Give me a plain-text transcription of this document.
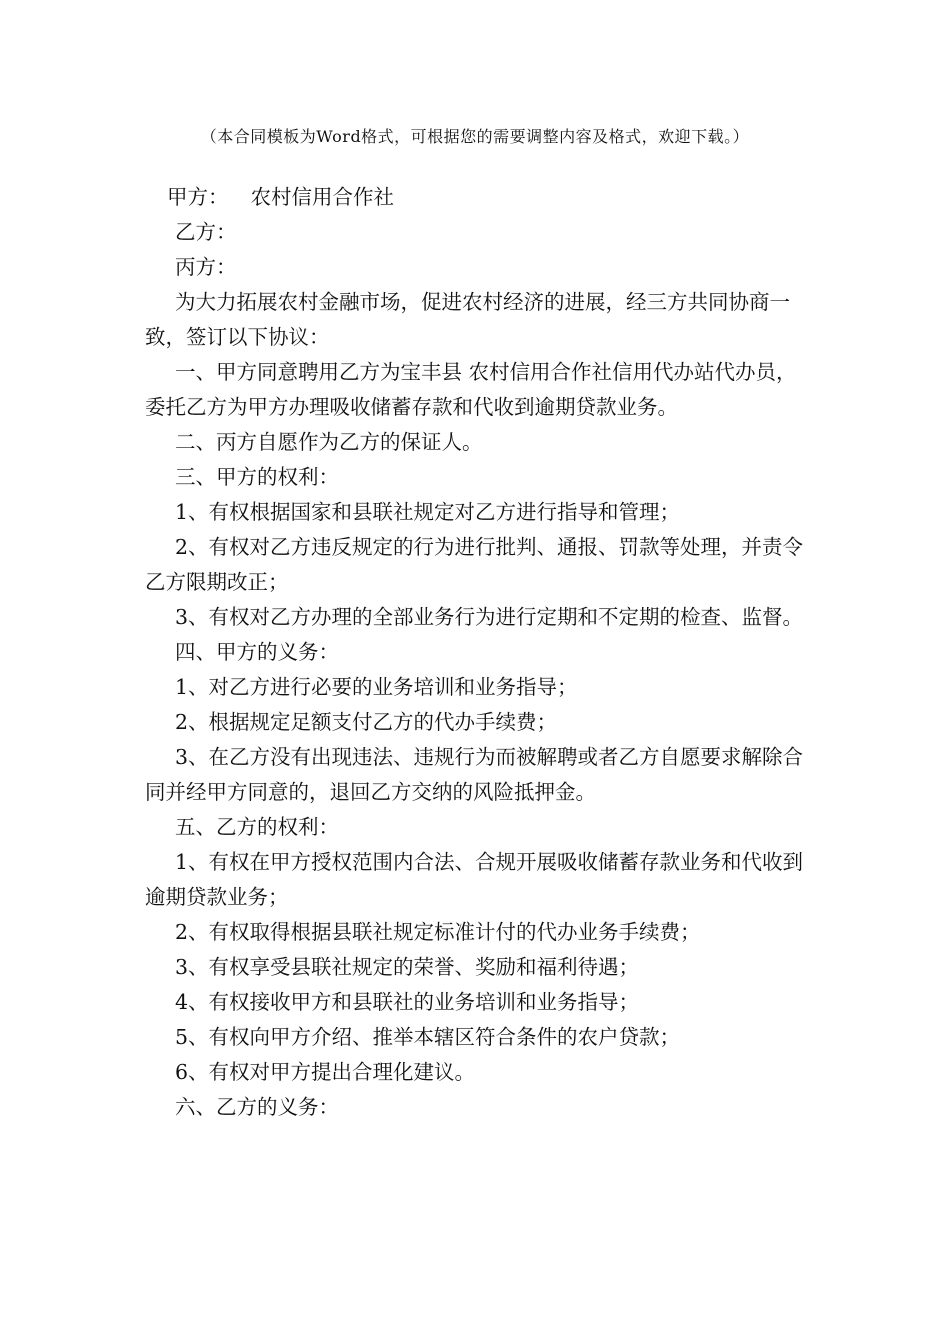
（本合同模板为Word格式，可根据您的需要调整内容及格式，欢迎下载。）

甲方： 农村信用合作社

乙方：

丙方：

为大力拓展农村金融市场，促进农村经济的进展，经三方共同协商一致，签订以下协议：

一、甲方同意聘用乙方为宝丰县 农村信用合作社信用代办站代办员，委托乙方为甲方办理吸收储蓄存款和代收到逾期贷款业务。

二、丙方自愿作为乙方的保证人。

三、甲方的权利：

1、有权根据国家和县联社规定对乙方进行指导和管理；

2、有权对乙方违反规定的行为进行批判、通报、罚款等处理，并责令乙方限期改正；

3、有权对乙方办理的全部业务行为进行定期和不定期的检查、监督。

四、甲方的义务：

1、对乙方进行必要的业务培训和业务指导；

2、根据规定足额支付乙方的代办手续费；

3、在乙方没有出现违法、违规行为而被解聘或者乙方自愿要求解除合同并经甲方同意的，退回乙方交纳的风险抵押金。

五、乙方的权利：

1、有权在甲方授权范围内合法、合规开展吸收储蓄存款业务和代收到逾期贷款业务；

2、有权取得根据县联社规定标准计付的代办业务手续费；

3、有权享受县联社规定的荣誉、奖励和福利待遇；

4、有权接收甲方和县联社的业务培训和业务指导；

5、有权向甲方介绍、推举本辖区符合条件的农户贷款；

6、有权对甲方提出合理化建议。

六、乙方的义务：
